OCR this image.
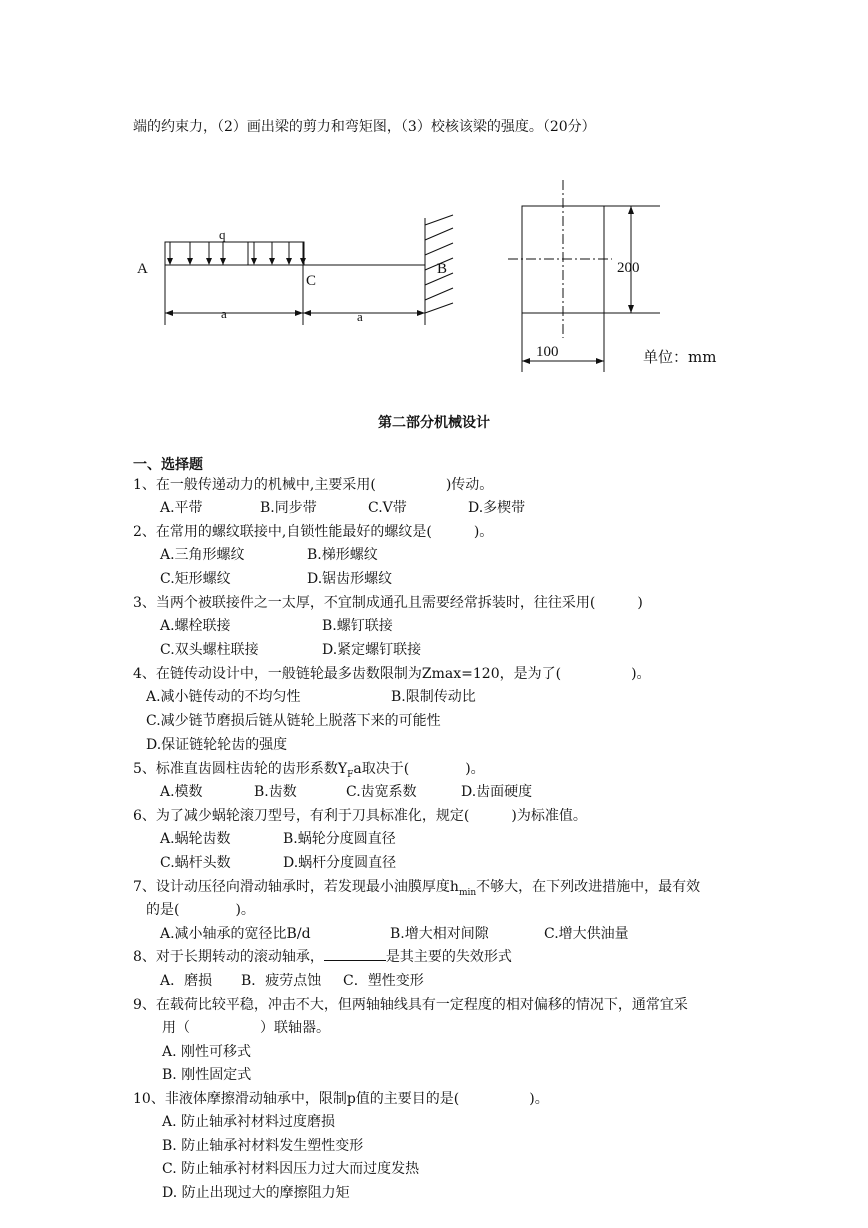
端的约束力，（2）画出梁的剪力和弯矩图，（3）校核该梁的强度。（20分）
A
C
B
q
a	a
200
100	单位：mm
第二部分机械设计
一、选择题
1、在一般传递动力的机械中,主要采用(　　　　　)传动。
A.平带	B.同步带	C.V带	D.多楔带
2、在常用的螺纹联接中,自锁性能最好的螺纹是(　　　)。
A.三角形螺纹	B.梯形螺纹
C.矩形螺纹	D.锯齿形螺纹
3、当两个被联接件之一太厚，不宜制成通孔且需要经常拆装时，往往采用(　　　)
A.螺栓联接	B.螺钉联接
C.双头螺柱联接	D.紧定螺钉联接
4、在链传动设计中，一般链轮最多齿数限制为Zmax=120，是为了(　　　　　)。
A.减小链传动的不均匀性	B.限制传动比
C.减少链节磨损后链从链轮上脱落下来的可能性
D.保证链轮轮齿的强度
5、标准直齿圆柱齿轮的齿形系数$Y_Fa$取决于(　　　　)。
A.模数	B.齿数	C.齿宽系数	D.齿面硬度
6、为了减少蜗轮滚刀型号，有利于刀具标准化，规定(　　　)为标准值。
A.蜗轮齿数	B.蜗轮分度圆直径
C.蜗杆头数	D.蜗杆分度圆直径
7、设计动压径向滑动轴承时，若发现最小油膜厚度$h_{min}$不够大，在下列改进措施中，最有效
的是(　　　　)。
A.减小轴承的宽径比B/d	B.增大相对间隙	C.增大供油量
8、对于长期转动的滚动轴承，	是其主要的失效形式
A．磨损 B．疲劳点蚀 C．塑性变形
9、在载荷比较平稳，冲击不大，但两轴轴线具有一定程度的相对偏移的情况下，通常宜采
用（　　　　　）联轴器。
A. 刚性可移式
B. 刚性固定式
10、非液体摩擦滑动轴承中，限制p值的主要目的是(　　　　　)。
A. 防止轴承衬材料过度磨损
B. 防止轴承衬材料发生塑性变形
C. 防止轴承衬材料因压力过大而过度发热
D. 防止出现过大的摩擦阻力矩
